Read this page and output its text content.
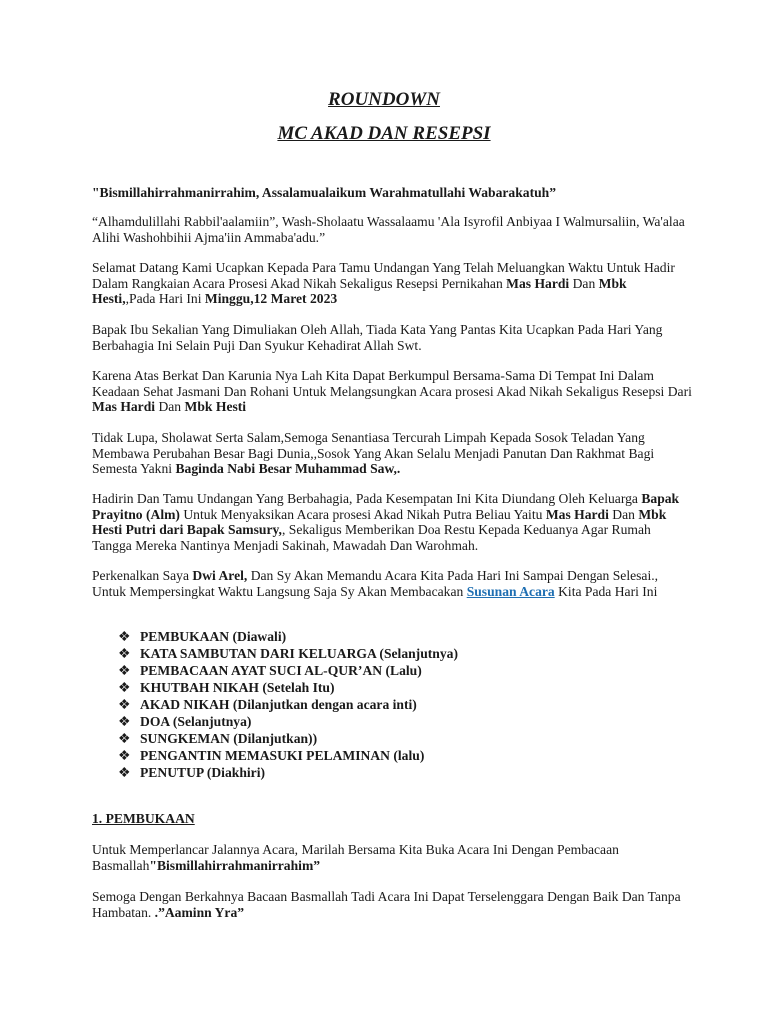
ROUNDOWN
MC AKAD DAN RESEPSI

"Bismillahirrahmanirrahim, Assalamualaikum Warahmatullahi Wabarakatuh”

“Alhamdulillahi Rabbil'aalamiin”, Wash-Sholaatu Wassalaamu 'Ala Isyrofil Anbiyaa I Walmursaliin, Wa'alaa Alihi Washohbihii Ajma'iin Ammaba'adu.”

Selamat Datang Kami Ucapkan Kepada Para Tamu Undangan Yang Telah Meluangkan Waktu Untuk Hadir Dalam Rangkaian Acara Prosesi Akad Nikah Sekaligus Resepsi Pernikahan Mas Hardi Dan Mbk Hesti,,Pada Hari Ini Minggu,12 Maret 2023

Bapak Ibu Sekalian Yang Dimuliakan Oleh Allah, Tiada Kata Yang Pantas Kita Ucapkan Pada Hari Yang Berbahagia Ini Selain Puji Dan Syukur Kehadirat Allah Swt.

Karena Atas Berkat Dan Karunia Nya Lah Kita Dapat Berkumpul Bersama-Sama Di Tempat Ini Dalam Keadaan Sehat Jasmani Dan Rohani Untuk Melangsungkan Acara prosesi Akad Nikah Sekaligus Resepsi Dari Mas Hardi Dan Mbk Hesti

Tidak Lupa, Sholawat Serta Salam,Semoga Senantiasa Tercurah Limpah Kepada Sosok Teladan Yang Membawa Perubahan Besar Bagi Dunia,,Sosok Yang Akan Selalu Menjadi Panutan Dan Rakhmat Bagi Semesta Yakni Baginda Nabi Besar Muhammad Saw,.

Hadirin Dan Tamu Undangan Yang Berbahagia, Pada Kesempatan Ini Kita Diundang Oleh Keluarga Bapak Prayitno (Alm) Untuk Menyaksikan Acara prosesi Akad Nikah Putra Beliau Yaitu Mas Hardi Dan Mbk Hesti Putri dari Bapak Samsury,, Sekaligus Memberikan Doa Restu Kepada Keduanya Agar Rumah Tangga Mereka Nantinya Menjadi Sakinah, Mawadah Dan Warohmah.

Perkenalkan Saya Dwi Arel, Dan Sy Akan Memandu Acara Kita Pada Hari Ini Sampai Dengan Selesai., Untuk Mempersingkat Waktu Langsung Saja Sy Akan Membacakan Susunan Acara Kita Pada Hari Ini

❖ PEMBUKAAN (Diawali)
❖ KATA SAMBUTAN DARI KELUARGA (Selanjutnya)
❖ PEMBACAAN AYAT SUCI AL-QUR’AN (Lalu)
❖ KHUTBAH NIKAH (Setelah Itu)
❖ AKAD NIKAH (Dilanjutkan dengan acara inti)
❖ DOA (Selanjutnya)
❖ SUNGKEMAN (Dilanjutkan))
❖ PENGANTIN MEMASUKI PELAMINAN (lalu)
❖ PENUTUP (Diakhiri)
1. PEMBUKAAN

Untuk Memperlancar Jalannya Acara, Marilah Bersama Kita Buka Acara Ini Dengan Pembacaan Basmallah"Bismillahirrahmanirrahim”

Semoga Dengan Berkahnya Bacaan Basmallah Tadi Acara Ini Dapat Terselenggara Dengan Baik Dan Tanpa Hambatan. .”Aaminn Yra”
